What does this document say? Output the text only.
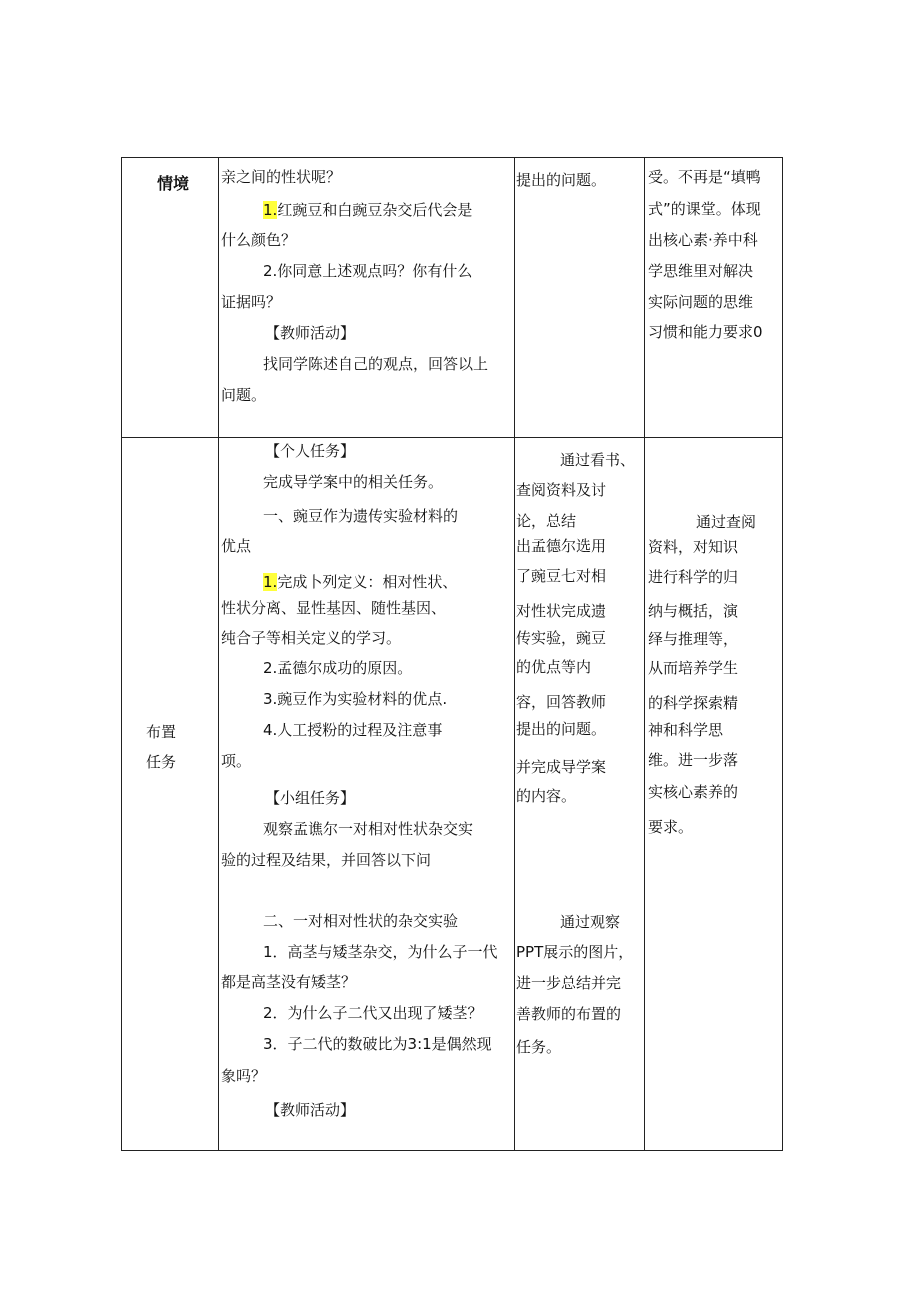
情境 亲之间的性状呢？
1.红豌豆和白豌豆杂交后代会是
什么颜色？
2.你同意上述观点吗？你有什么
证据吗？
【教师活动】
找同学陈述自己的观点，回答以上
问题。
提出的问题。	受。不再是“填鸭
式”的课堂。体现
出核心素·养中科
学思维里对解决
实际问题的思维
习惯和能力要求0
布置
任务
【个人任务】
完成导学案中的相关任务。
一、豌豆作为遗传实验材料的
优点
1.完成卜列定义：相对性状、
性状分离、显性基因、随性基因、
纯合子等相关定义的学习。
2.孟德尔成功的原因。
3.豌豆作为实验材料的优点.
4.人工授粉的过程及注意事
项。
【小组任务】
观察孟谯尔一对相对性状杂交实
验的过程及结果，并回答以下问
二、一对相对性状的杂交实验
1．高茎与矮茎杂交，为什么子一代
都是高茎没有矮茎？
2．为什么子二代又出现了矮茎？
3．子二代的数破比为3:1是偶然现
象吗？
【教师活动】
通过看书、
查阅资料及讨
论，总结
出孟德尔选用
了豌豆七对相
对性状完成遗
传实验，豌豆
的优点等内
容，回答教师
提出的问题。
并完成导学案
的内容。
通过观察
PPT展示的图片，
进一步总结并完
善教师的布置的
任务。
通过查阅
资料，对知识
进行科学的归
纳与概括，演
绎与推理等，
从而培养学生
的科学探索精
神和科学思
维。进一步落
实核心素养的
要求。
